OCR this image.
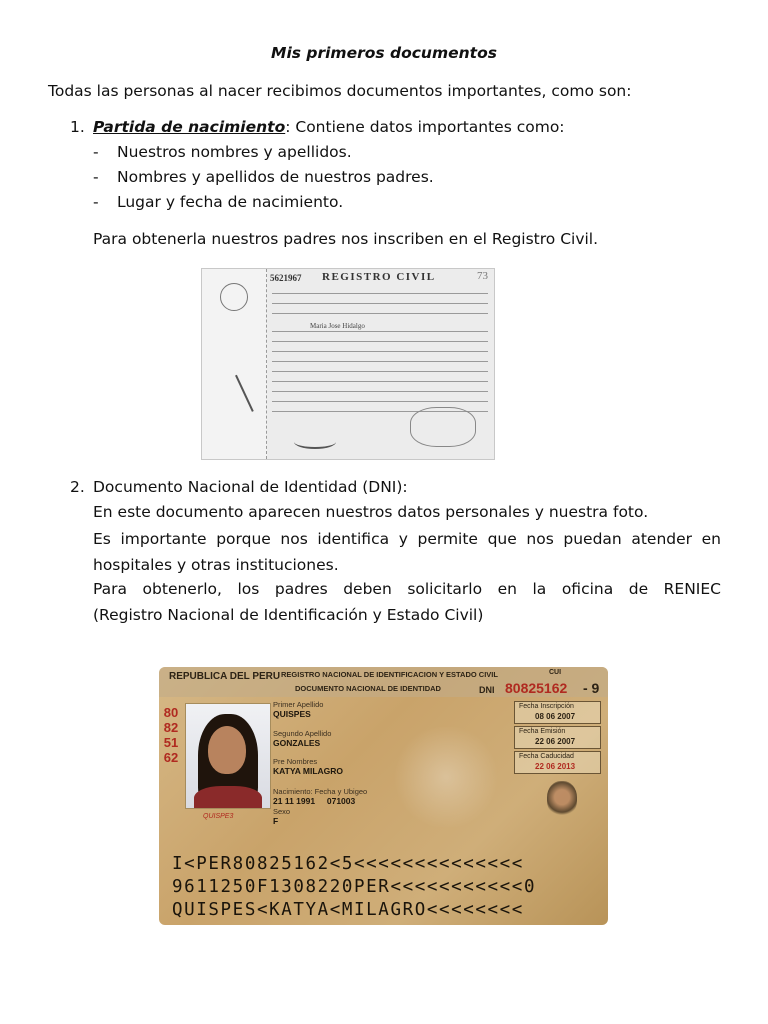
Mis primeros documentos
Todas las personas al nacer recibimos documentos importantes, como son:
1. Partida de nacimiento: Contiene datos importantes como:
- Nuestros nombres y apellidos.
- Nombres y apellidos de nuestros padres.
- Lugar y fecha de nacimiento.
Para obtenerla nuestros padres nos inscriben en el Registro Civil.
5621967 REGISTRO CIVIL	73
Maria Jose Hidalgo
2. Documento Nacional de Identidad (DNI):
En este documento aparecen nuestros datos personales y nuestra foto.
Es importante porque nos identifica y permite que nos puedan atender en
hospitales y otras instituciones.
Para obtenerlo, los padres deben solicitarlo en la oficina de RENIEC
(Registro Nacional de Identificación y Estado Civil)
REPUBLICA DEL PERU REGISTRO NACIONAL DE IDENTIFICACION Y ESTADO CIVIL
DOCUMENTO NACIONAL DE IDENTIDAD
CUI
DNI 80825162 - 9
80825162
QUISPE3
Primer Apellido
QUISPES
Segundo Apellido
GONZALES
Pre Nombres
KATYA MILAGRO
Nacimiento: Fecha y Ubigeo
21 11 1991     071003
Sexo
F
Fecha Inscripción
08 06 2007
Fecha Emisión
22 06 2007
Fecha Caducidad
22 06 2013
I<PER80825162<5<<<<<<<<<<<<<<
9611250F1308220PER<<<<<<<<<<<0
QUISPES<KATYA<MILAGRO<<<<<<<<
